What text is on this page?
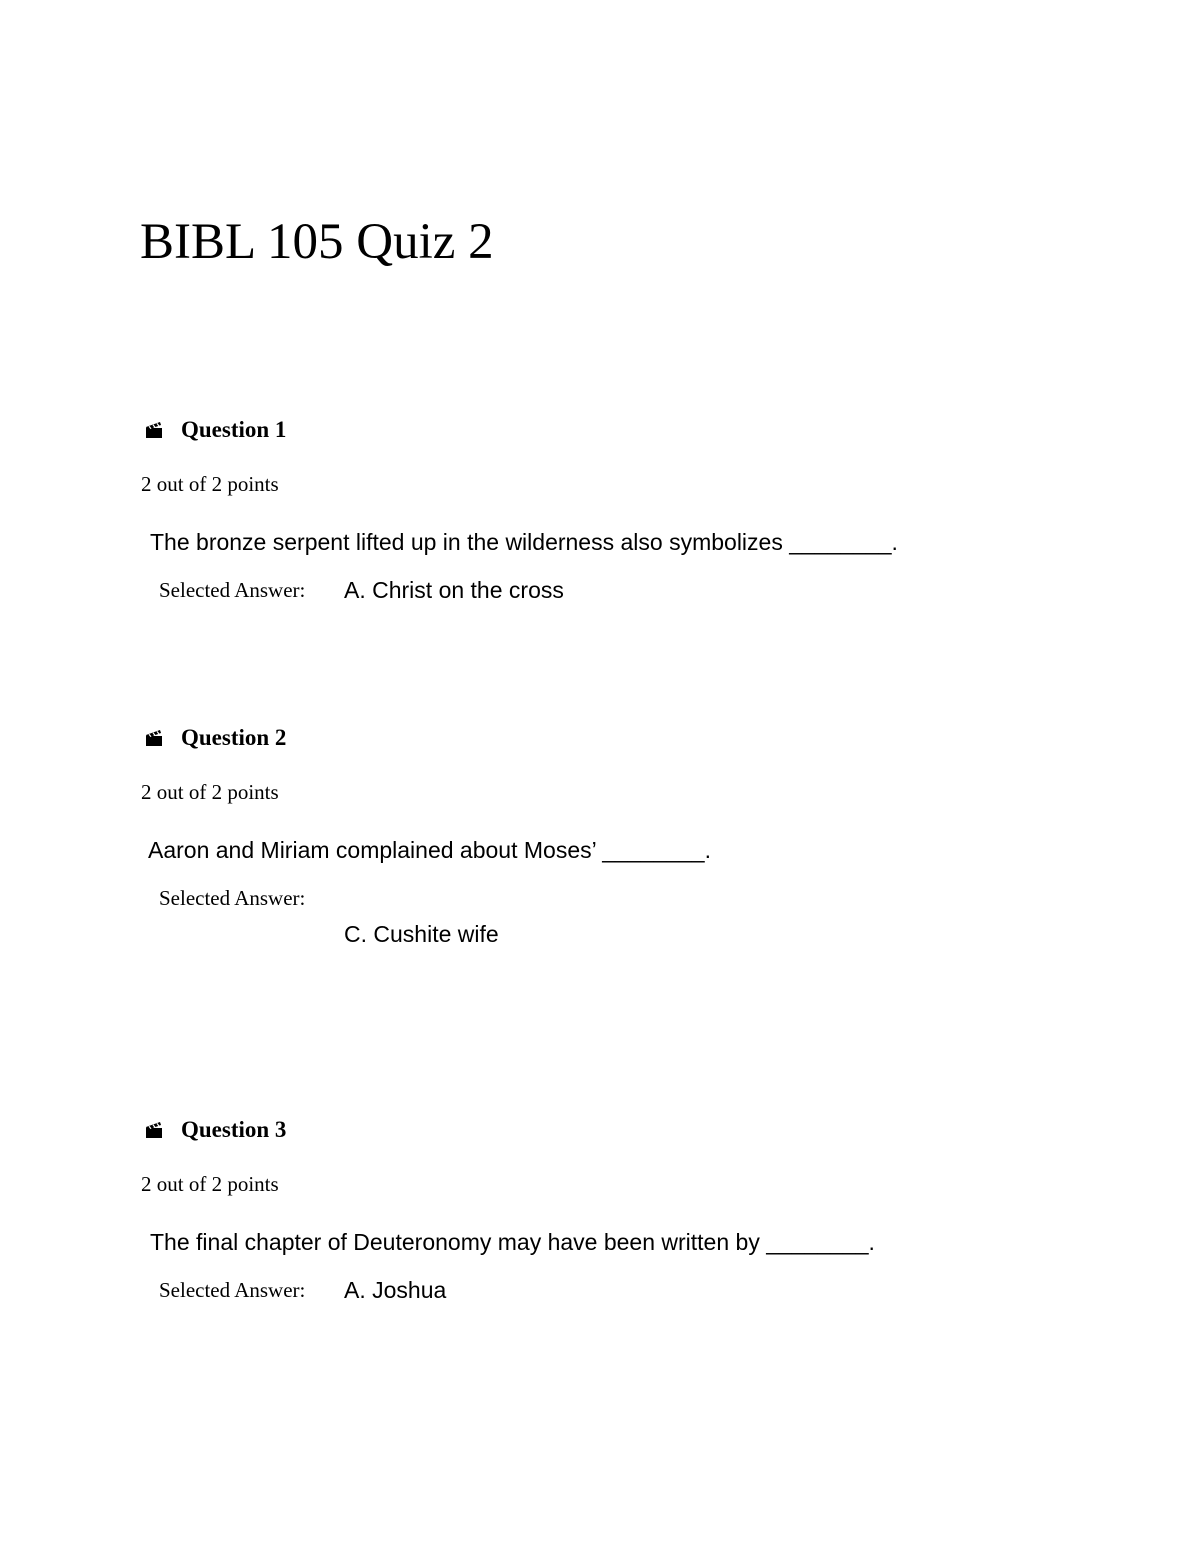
BIBL 105 Quiz 2
Question 1
2 out of 2 points
The bronze serpent lifted up in the wilderness also symbolizes ________.
Selected Answer: A. Christ on the cross
Question 2
2 out of 2 points
Aaron and Miriam complained about Moses’ ________.
Selected Answer:
C. Cushite wife
Question 3
2 out of 2 points
The final chapter of Deuteronomy may have been written by ________.
Selected Answer: A. Joshua
